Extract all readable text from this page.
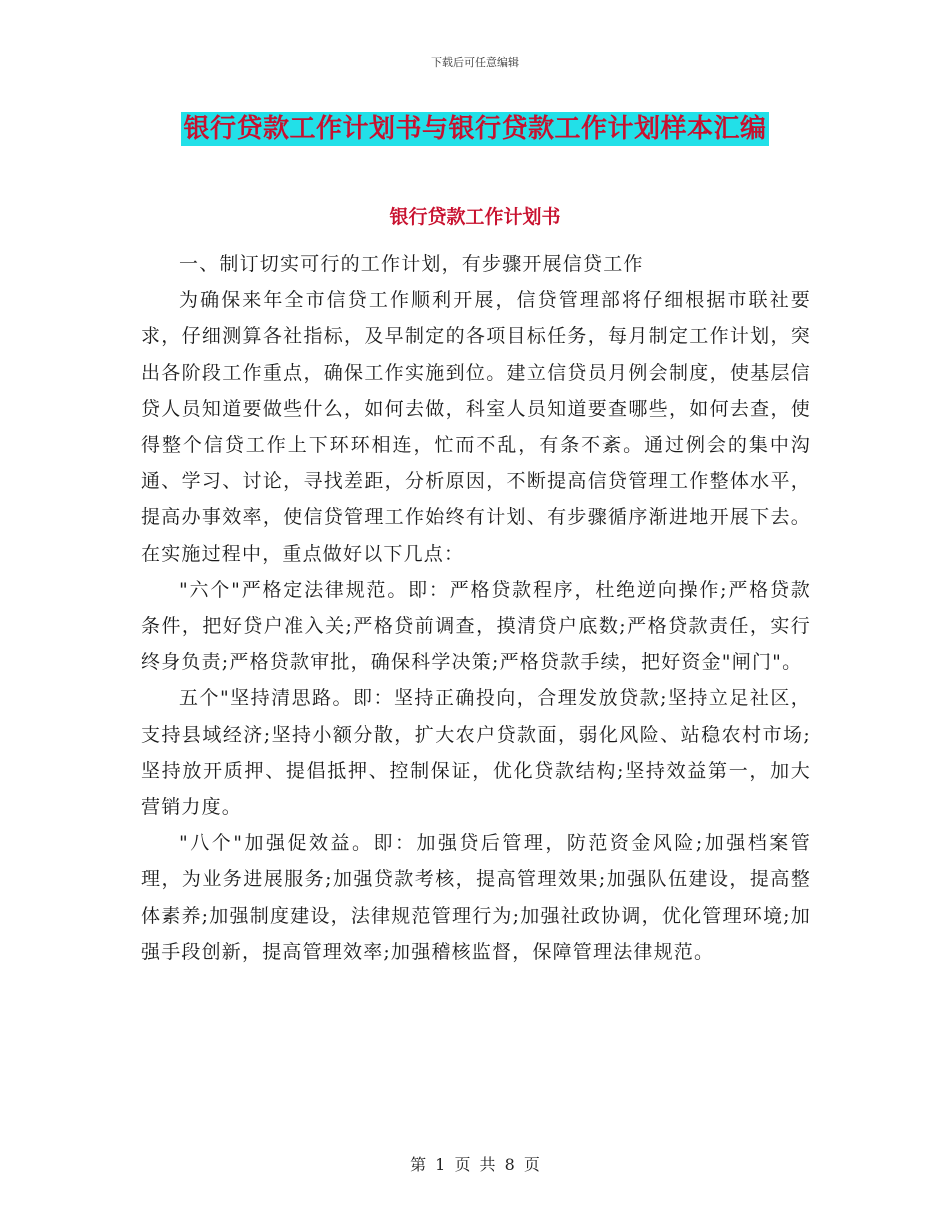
下载后可任意编辑
银行贷款工作计划书与银行贷款工作计划样本汇编
银行贷款工作计划书

一、制订切实可行的工作计划，有步骤开展信贷工作

为确保来年全市信贷工作顺利开展，信贷管理部将仔细根据市联社要求，仔细测算各社指标，及早制定的各项目标任务，每月制定工作计划，突出各阶段工作重点，确保工作实施到位。建立信贷员月例会制度，使基层信贷人员知道要做些什么，如何去做，科室人员知道要查哪些，如何去查，使得整个信贷工作上下环环相连，忙而不乱，有条不紊。通过例会的集中沟通、学习、讨论，寻找差距，分析原因，不断提高信贷管理工作整体水平，提高办事效率，使信贷管理工作始终有计划、有步骤循序渐进地开展下去。在实施过程中，重点做好以下几点：

"六个"严格定法律规范。即：严格贷款程序，杜绝逆向操作;严格贷款条件，把好贷户准入关;严格贷前调查，摸清贷户底数;严格贷款责任，实行终身负责;严格贷款审批，确保科学决策;严格贷款手续，把好资金"闸门"。

五个"坚持清思路。即：坚持正确投向，合理发放贷款;坚持立足社区，支持县域经济;坚持小额分散，扩大农户贷款面，弱化风险、站稳农村市场;坚持放开质押、提倡抵押、控制保证，优化贷款结构;坚持效益第一，加大营销力度。

"八个"加强促效益。即：加强贷后管理，防范资金风险;加强档案管理，为业务进展服务;加强贷款考核，提高管理效果;加强队伍建设，提高整体素养;加强制度建设，法律规范管理行为;加强社政协调，优化管理环境;加强手段创新，提高管理效率;加强稽核监督，保障管理法律规范。

第 1 页 共 8 页
